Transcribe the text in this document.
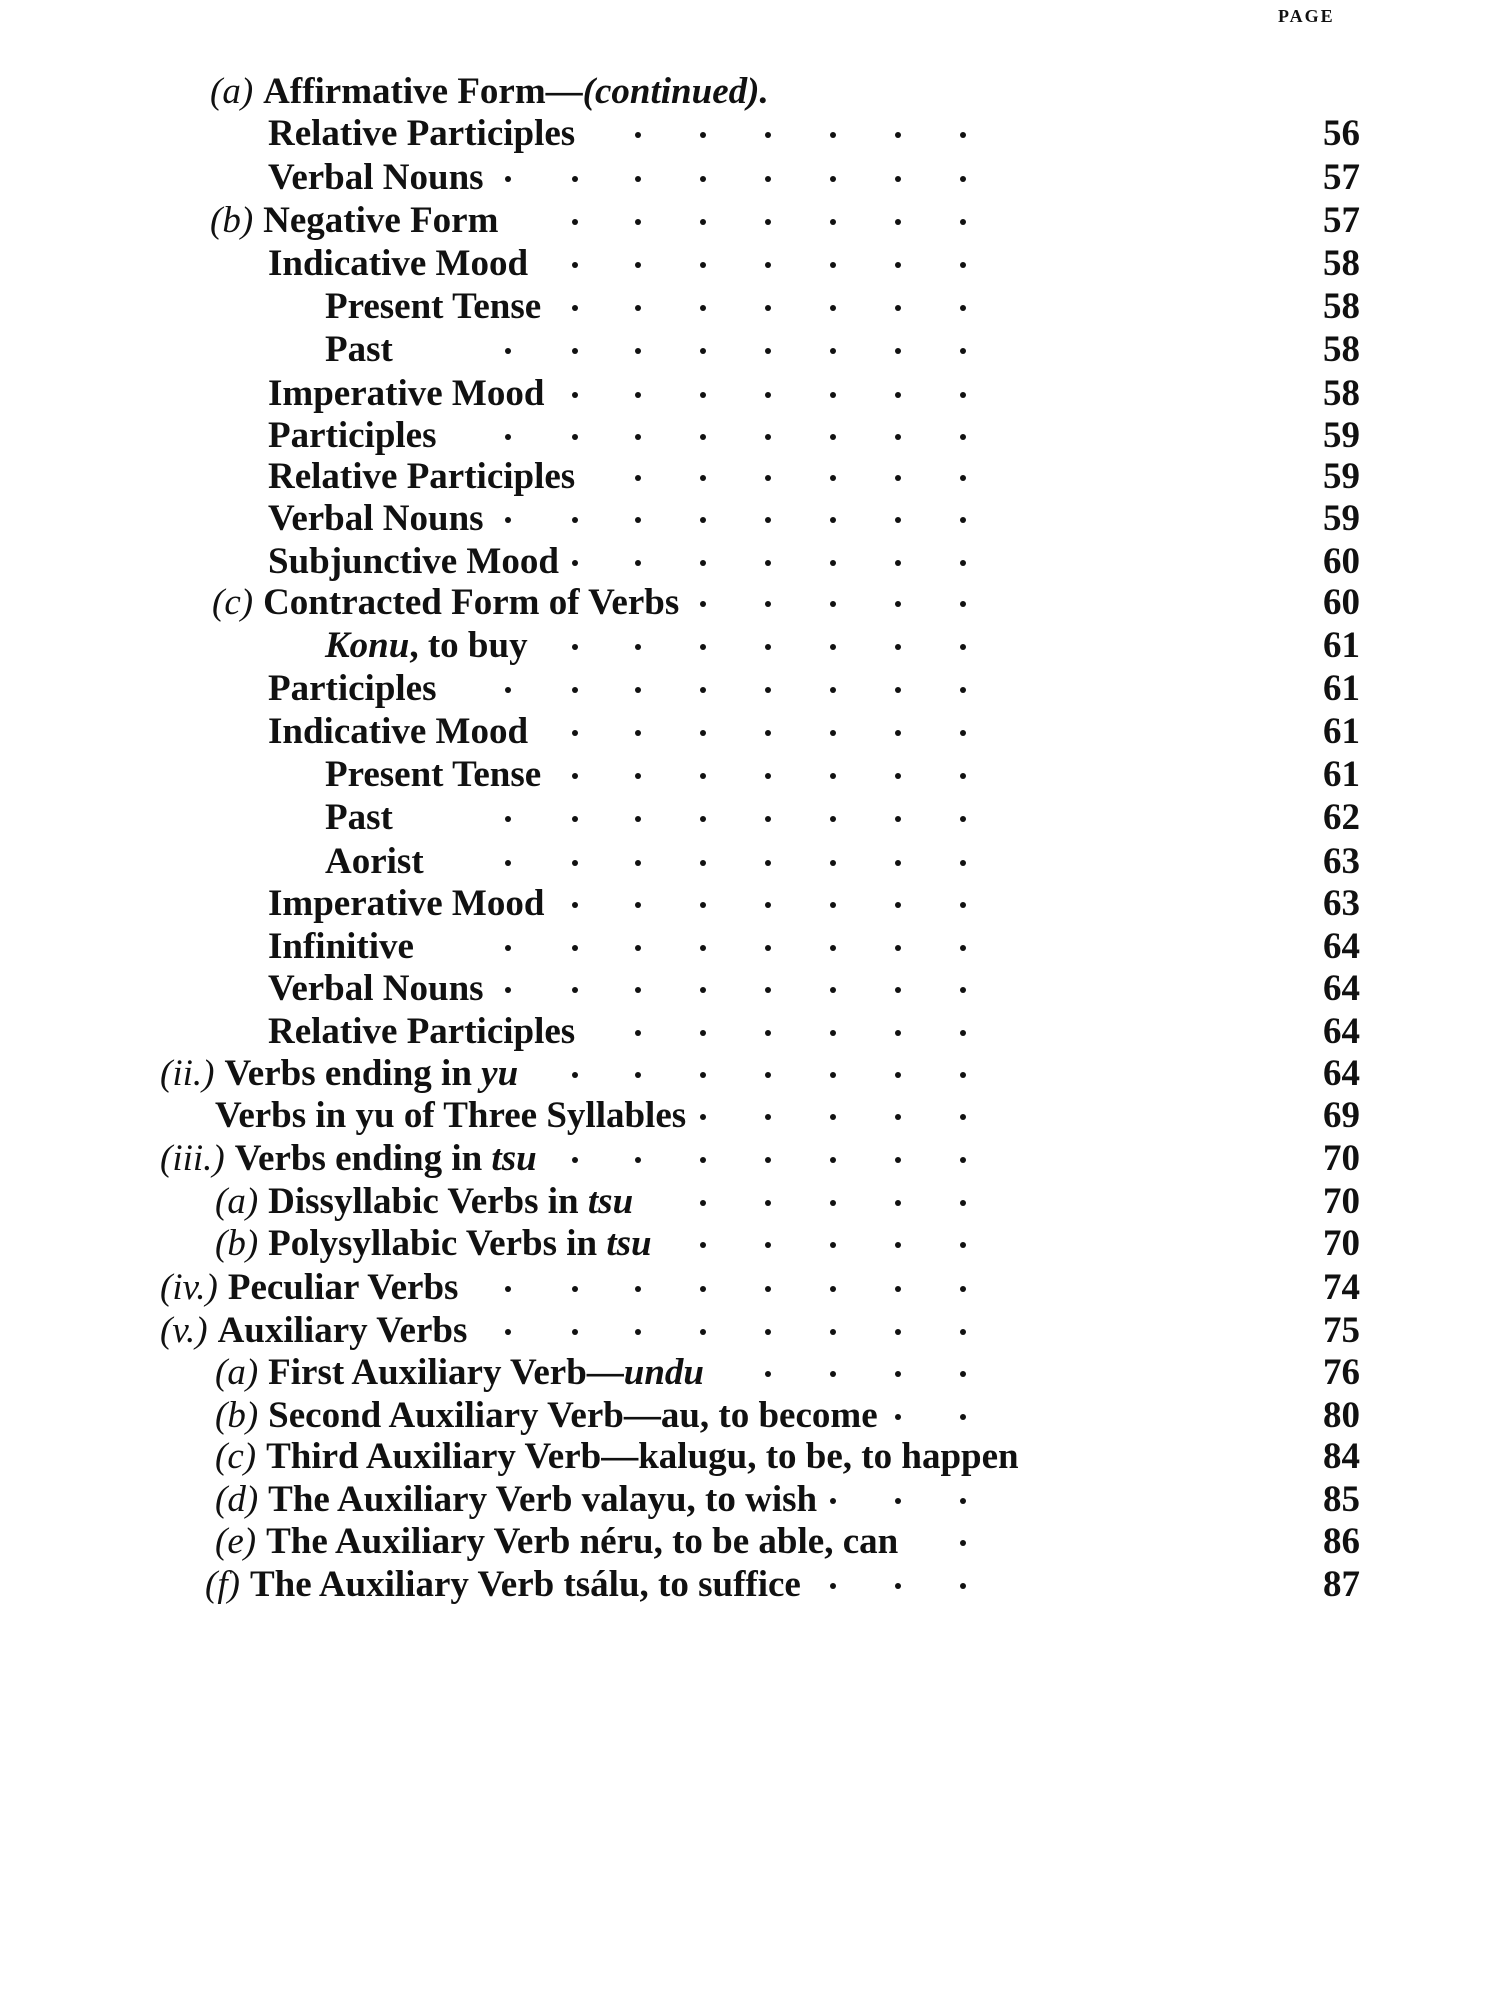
PAGE
(a) Affirmative Form—(continued).
Relative Participles	56
Verbal Nouns	57
(b) Negative Form	57
Indicative Mood	58
Present Tense	58
Past	58
Imperative Mood	58
Participles	59
Relative Participles	59
Verbal Nouns	59
Subjunctive Mood	60
(c) Contracted Form of Verbs	60
Konu, to buy	61
Participles	61
Indicative Mood	61
Present Tense	61
Past	62
Aorist	63
Imperative Mood	63
Infinitive	64
Verbal Nouns	64
Relative Participles	64
(ii.) Verbs ending in yu	64
Verbs in yu of Three Syllables	69
(iii.) Verbs ending in tsu	70
(a) Dissyllabic Verbs in tsu	70
(b) Polysyllabic Verbs in tsu	70
(iv.) Peculiar Verbs	74
(v.) Auxiliary Verbs	75
(a) First Auxiliary Verb—undu	76
(b) Second Auxiliary Verb—au, to become	80
(c) Third Auxiliary Verb—kalugu, to be, to happen	84
(d) The Auxiliary Verb valayu, to wish	85
(e) The Auxiliary Verb néru, to be able, can	86
(f) The Auxiliary Verb tsálu, to suffice	87
